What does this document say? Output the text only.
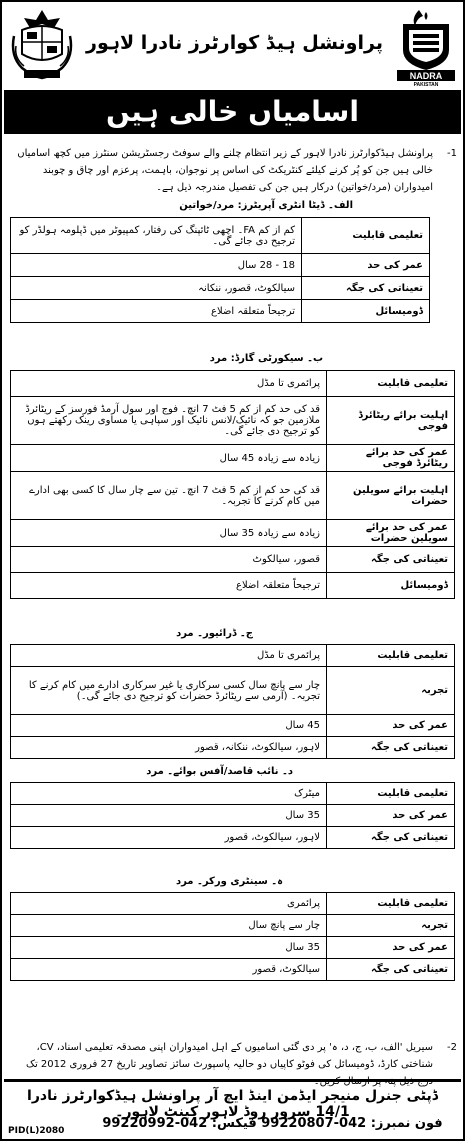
پراونشل ہیڈ کوارٹرز نادرا لاہور
NADRA
PAKISTAN
اسامیاں خالی ہیں
-1

پراونشل ہیڈکوارٹرز نادرا لاہور کے زیر انتظام چلنے والے سوفٹ رجسٹریشن سنٹرز میں کچھ اسامیاں خالی ہیں جن کو پُر کرنے کیلئے کنٹریکٹ کی اساس پر نوجوان، باہمت، پرعزم اور چاق و چوبند امیدواران (مرد/خواتین) درکار ہیں جن کی تفصیل مندرجہ ذیل ہے۔

الف۔ ڈیٹا انٹری آپریٹرز: مرد/خواتین
تعلیمی قابلیت	کم از کم FA۔ اچھی ٹائپنگ کی رفتار، کمپیوٹر میں ڈپلومہ ہولڈر کو ترجیح دی جائے گی۔
عمر کی حد	18 - 28 سال
تعیناتی کی جگہ	سیالکوٹ، قصور، ننکانہ
ڈومیسائل	ترجیحاً متعلقہ اضلاع
ب۔ سیکورٹی گارڈ: مرد
تعلیمی قابلیت	پرائمری تا مڈل
اہلیت برائے ریٹائرڈ فوجی	قد کی حد کم از کم 5 فٹ 7 انچ۔ فوج اور سول آرمڈ فورسز کے ریٹائرڈ ملازمین جو کہ نائیک/لانس نائیک اور سپاہی یا مساوی رینک رکھتے ہوں کو ترجیح دی جائے گی۔
عمر کی حد برائے ریٹائرڈ فوجی	زیادہ سے زیادہ 45 سال
اہلیت برائے سویلین حضرات	قد کی حد کم از کم 5 فٹ 7 انچ۔ تین سے چار سال کا کسی بھی ادارے میں کام کرنے کا تجربہ۔
عمر کی حد برائے سویلین حضرات	زیادہ سے زیادہ 35 سال
تعیناتی کی جگہ	قصور، سیالکوٹ
ڈومیسائل	ترجیحاً متعلقہ اضلاع
ج۔ ڈرائیور۔ مرد
تعلیمی قابلیت	پرائمری تا مڈل
تجربہ	چار سے پانچ سال کسی سرکاری یا غیر سرکاری ادارے میں کام کرنے کا تجربہ۔ (آرمی سے ریٹائرڈ حضرات کو ترجیح دی جائے گی۔)
عمر کی حد	45 سال
تعیناتی کی جگہ	لاہور، سیالکوٹ، ننکانہ، قصور
د۔ نائب قاصد/آفس بوائے۔ مرد
تعلیمی قابلیت	میٹرک
عمر کی حد	35 سال
تعیناتی کی جگہ	لاہور، سیالکوٹ، قصور
ہ۔ سینٹری ورکر۔ مرد
تعلیمی قابلیت	پرائمری
تجربہ	چار سے پانچ سال
عمر کی حد	35 سال
تعیناتی کی جگہ	سیالکوٹ، قصور
-2

سیریل 'الف، ب، ج، د، ہ' پر دی گئی اسامیوں کے اہل امیدواران اپنی مصدقہ تعلیمی اسناد، CV، شناختی کارڈ، ڈومیسائل کی فوٹو کاپیاں دو حالیہ پاسپورٹ سائز تصاویر تاریخ 27 فروری 2012 تک درج ذیل پتہ پر ارسال کریں۔

ڈپٹی جنرل منیجر ایڈمن اینڈ ایچ آر پراونشل ہیڈکوارٹرز نادرا 14/1 سرور روڈ لاہور کینٹ لاہور۔
فون نمبرز: 042-99220807 فیکس: 042-99220992
PID(L)2080
